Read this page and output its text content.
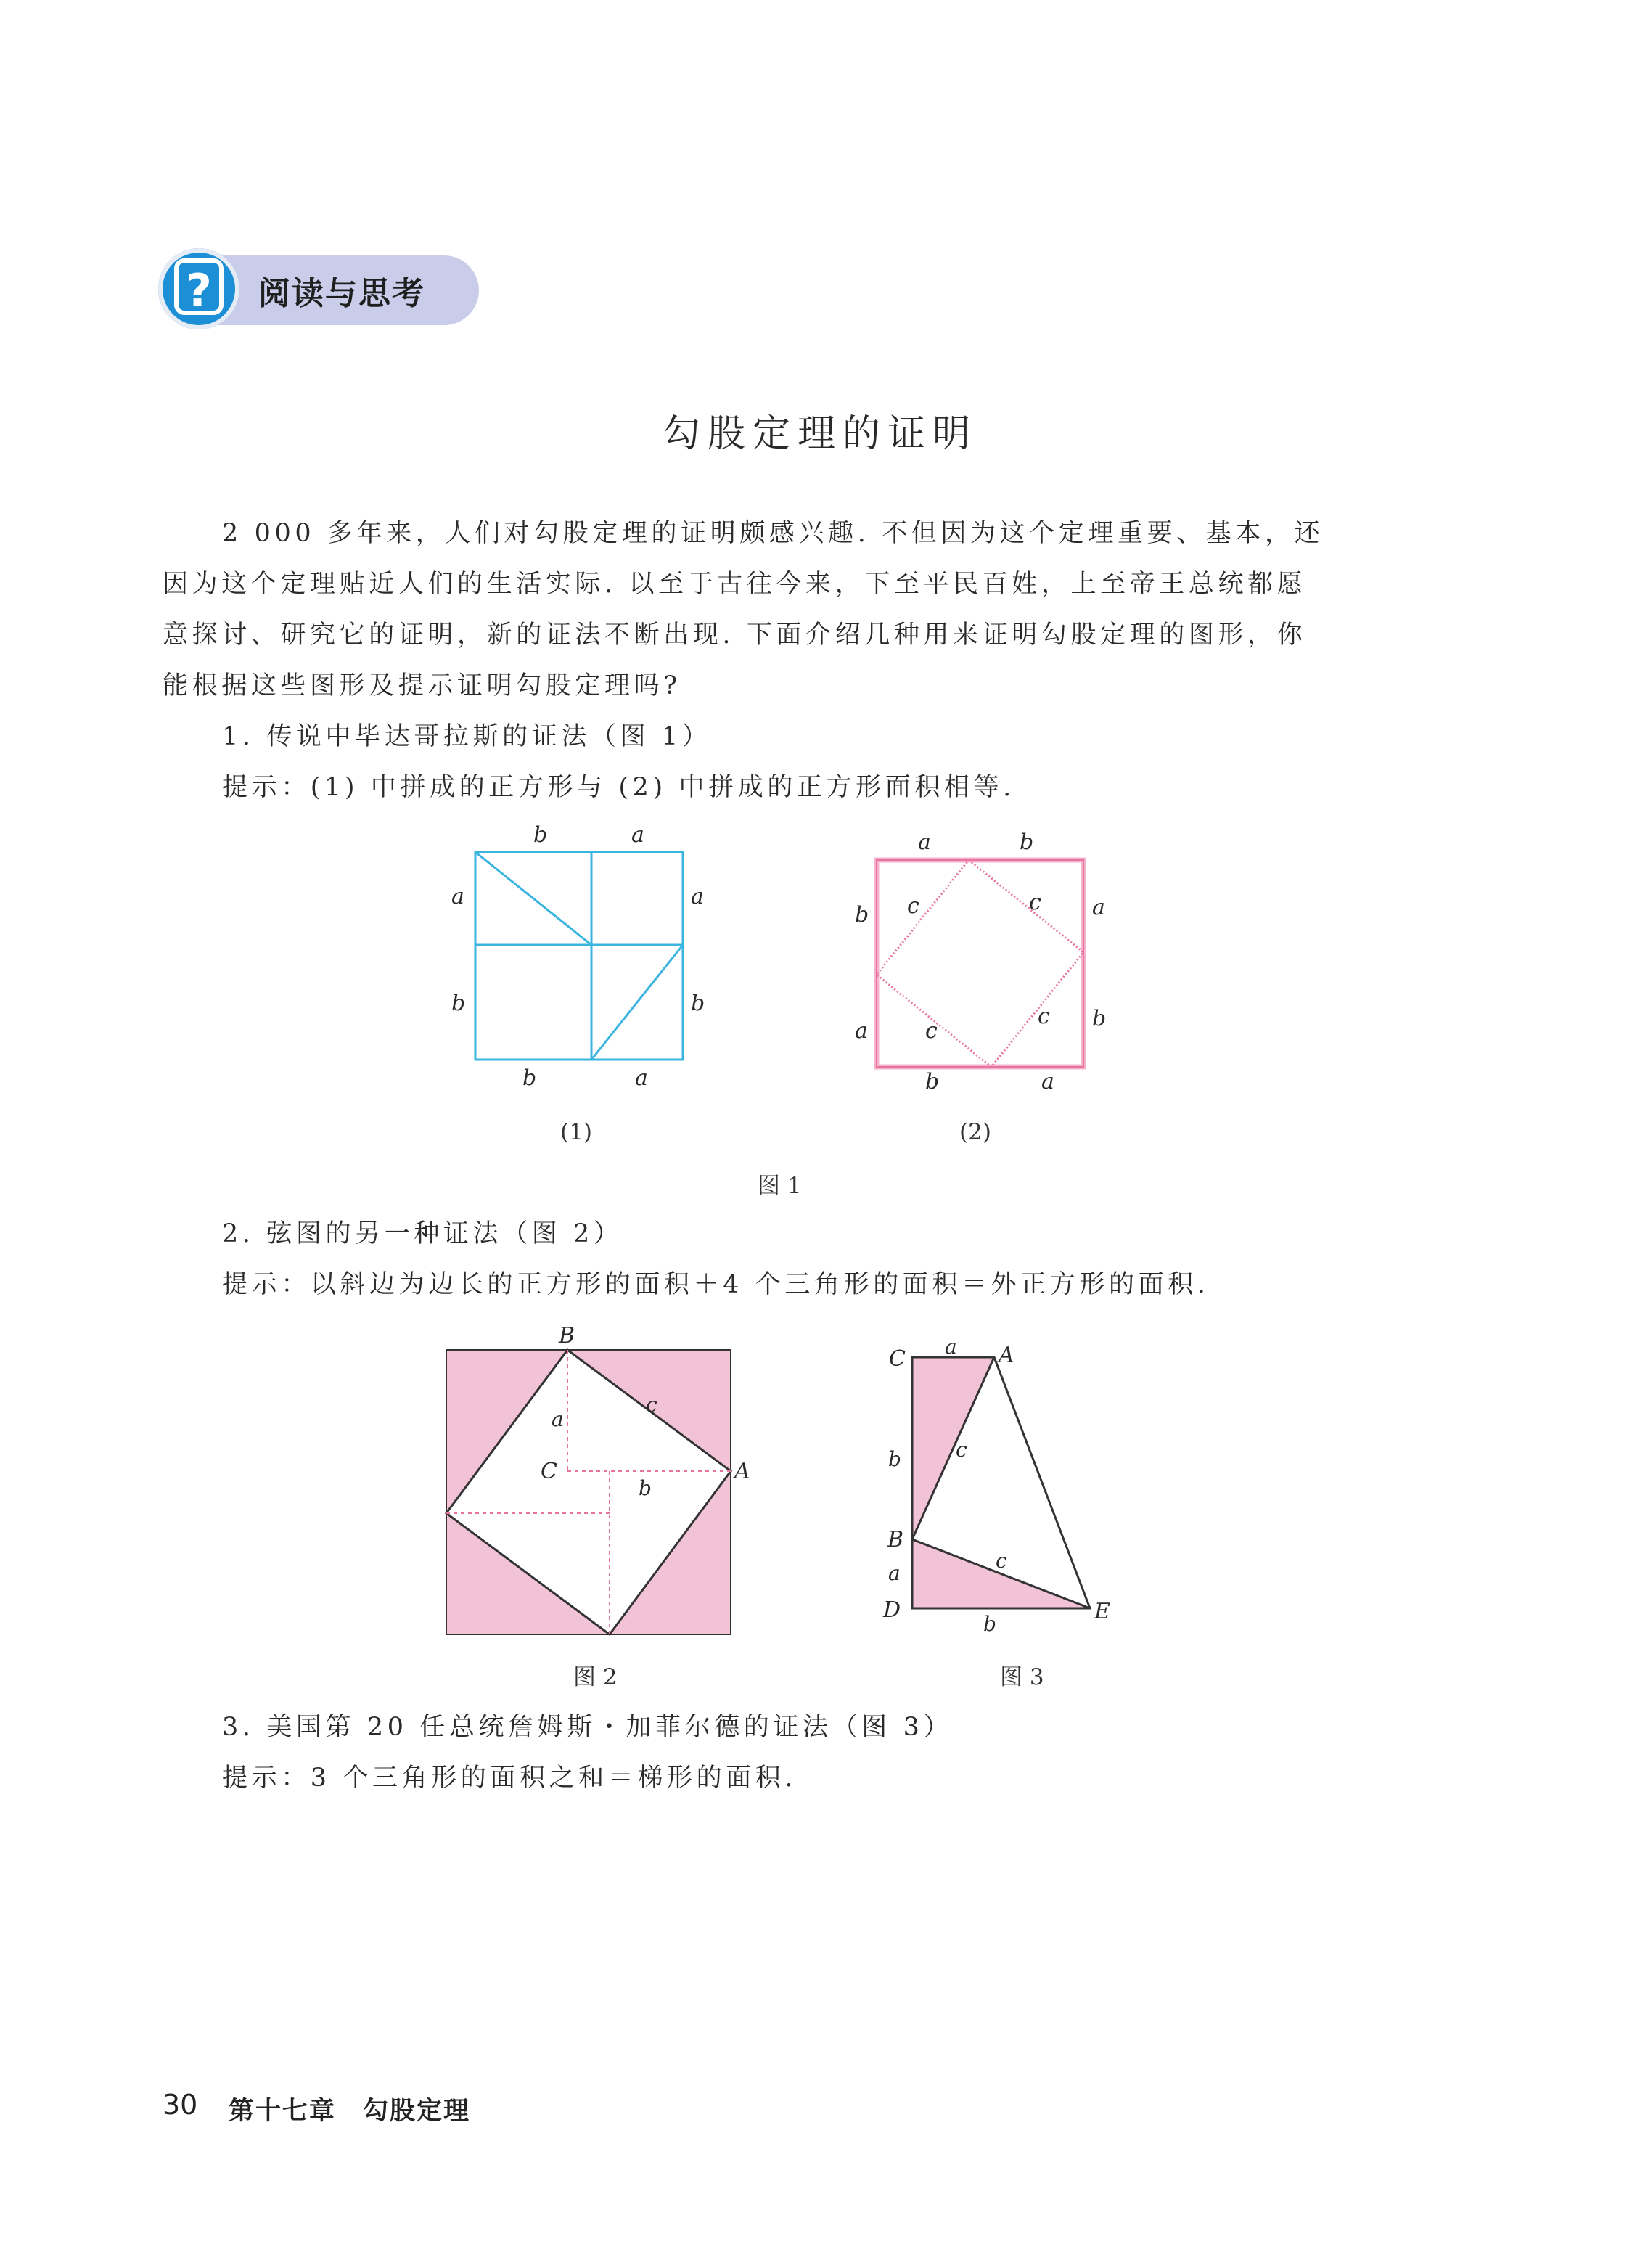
?	阅读与思考
勾股定理的证明
2 000 多年来，人们对勾股定理的证明颇感兴趣. 不但因为这个定理重要、基本，还
因为这个定理贴近人们的生活实际. 以至于古往今来，下至平民百姓，上至帝王总统都愿
意探讨、研究它的证明，新的证法不断出现. 下面介绍几种用来证明勾股定理的图形，你
能根据这些图形及提示证明勾股定理吗?
1. 传说中毕达哥拉斯的证法（图 1）
提示：(1) 中拼成的正方形与 (2) 中拼成的正方形面积相等.
b	a
a	a
b	b
b	a
(1)
a	b
b	a
c	c
a	b
c
c
b	a
(2)
图 1
2. 弦图的另一种证法（图 2）
提示：以斜边为边长的正方形的面积＋4 个三角形的面积＝外正方形的面积.
B
A
C
a
c
b
图 2
C	A
B
D	E
a
b	c
a
c
b
图 3
3. 美国第 20 任总统詹姆斯・加菲尔德的证法（图 3）
提示：3 个三角形的面积之和＝梯形的面积.
30 第十七章　勾股定理
